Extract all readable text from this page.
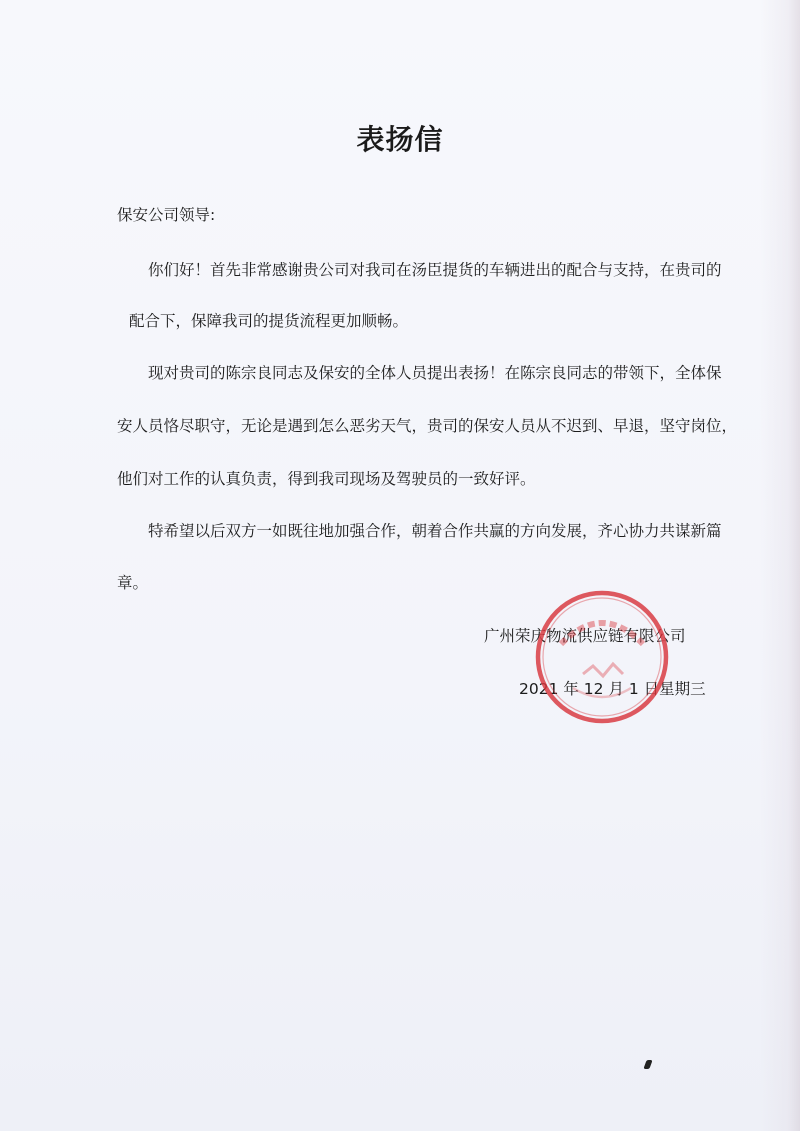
表扬信
保安公司领导:
你们好！首先非常感谢贵公司对我司在汤臣提货的车辆进出的配合与支持，在贵司的
配合下，保障我司的提货流程更加顺畅。
现对贵司的陈宗良同志及保安的全体人员提出表扬！在陈宗良同志的带领下，全体保
安人员恪尽职守，无论是遇到怎么恶劣天气，贵司的保安人员从不迟到、早退，坚守岗位，
他们对工作的认真负责，得到我司现场及驾驶员的一致好评。
特希望以后双方一如既往地加强合作，朝着合作共赢的方向发展，齐心协力共谋新篇
章。
广州荣庆物流供应链有限公司
2021 年 12 月 1 日星期三
